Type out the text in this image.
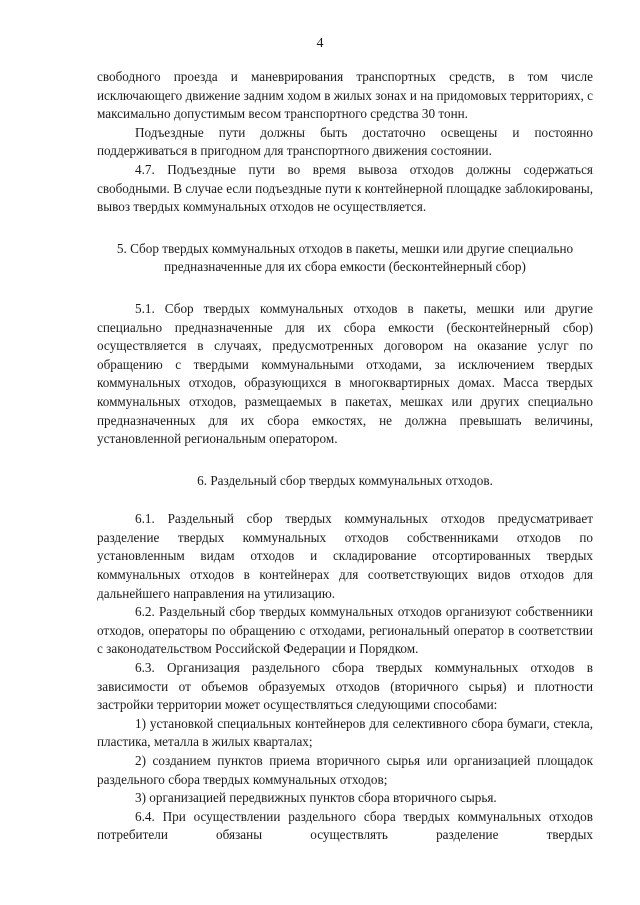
4

свободного проезда и маневрирования транспортных средств, в том числе исключающего движение задним ходом в жилых зонах и на придомовых территориях, с максимально допустимым весом транспортного средства 30 тонн.

Подъездные пути должны быть достаточно освещены и постоянно поддерживаться в пригодном для транспортного движения состоянии.

4.7. Подъездные пути во время вывоза отходов должны содержаться свободными. В случае если подъездные пути к контейнерной площадке заблокированы, вывоз твердых коммунальных отходов не осуществляется.

5. Сбор твердых коммунальных отходов в пакеты, мешки или другие специально предназначенные для их сбора емкости (бесконтейнерный сбор)

5.1. Сбор твердых коммунальных отходов в пакеты, мешки или другие специально предназначенные для их сбора емкости (бесконтейнерный сбор) осуществляется в случаях, предусмотренных договором на оказание услуг по обращению с твердыми коммунальными отходами, за исключением твердых коммунальных отходов, образующихся в многоквартирных домах. Масса твердых коммунальных отходов, размещаемых в пакетах, мешках или других специально предназначенных для их сбора емкостях, не должна превышать величины, установленной региональным оператором.

6. Раздельный сбор твердых коммунальных отходов.

6.1. Раздельный сбор твердых коммунальных отходов предусматривает разделение твердых коммунальных отходов собственниками отходов по установленным видам отходов и складирование отсортированных твердых коммунальных отходов в контейнерах для соответствующих видов отходов для дальнейшего направления на утилизацию.

6.2. Раздельный сбор твердых коммунальных отходов организуют собственники отходов, операторы по обращению с отходами, региональный оператор в соответствии с законодательством Российской Федерации и Порядком.

6.3. Организация раздельного сбора твердых коммунальных отходов в зависимости от объемов образуемых отходов (вторичного сырья) и плотности застройки территории может осуществляться следующими способами:

1) установкой специальных контейнеров для селективного сбора бумаги, стекла, пластика, металла в жилых кварталах;

2) созданием пунктов приема вторичного сырья или организацией площадок раздельного сбора твердых коммунальных отходов;

3) организацией передвижных пунктов сбора вторичного сырья.

6.4. При осуществлении раздельного сбора твердых коммунальных отходов потребители обязаны осуществлять разделение твердых
